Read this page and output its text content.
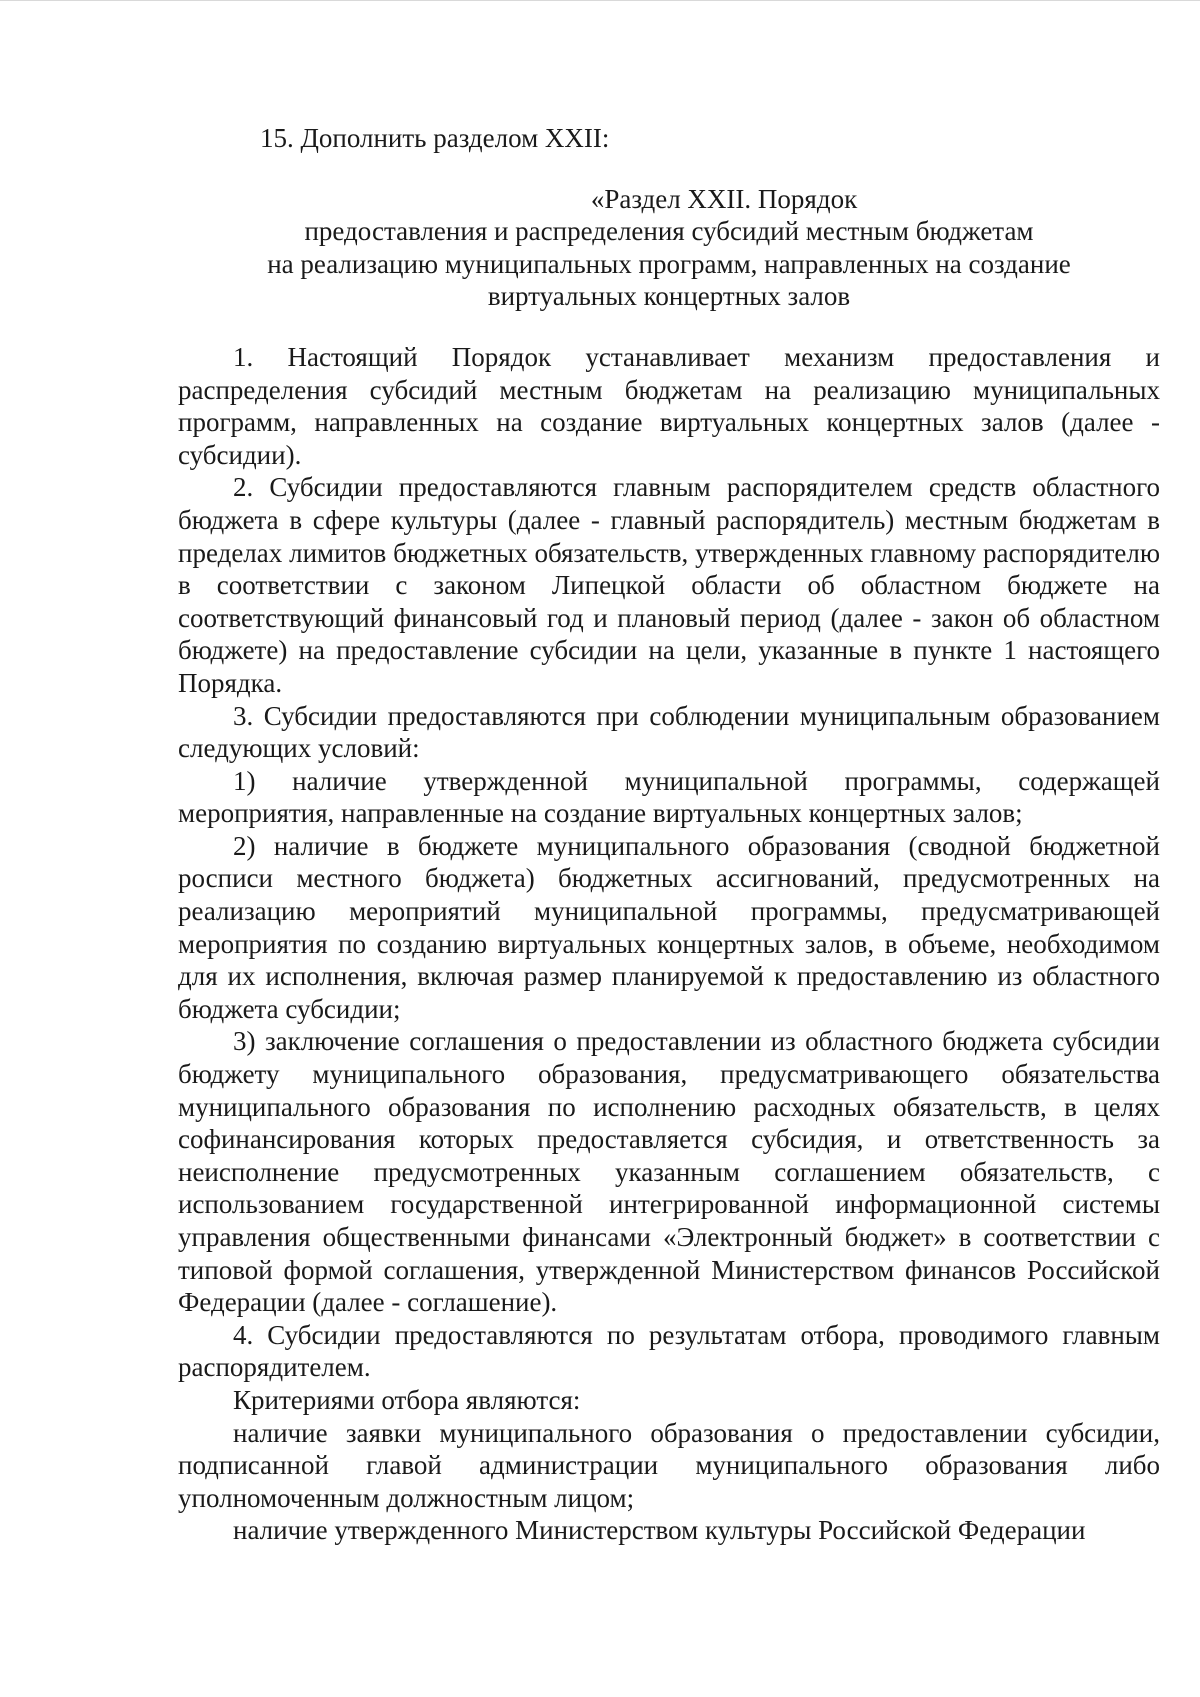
15. Дополнить разделом XXII:

«Раздел XXII. Порядок
предоставления и распределения субсидий местным бюджетам
на реализацию муниципальных программ, направленных на создание
виртуальных концертных залов

1. Настоящий Порядок устанавливает механизм предоставления и распределения субсидий местным бюджетам на реализацию муниципальных программ, направленных на создание виртуальных концертных залов (далее - субсидии).

2. Субсидии предоставляются главным распорядителем средств областного бюджета в сфере культуры (далее - главный распорядитель) местным бюджетам в пределах лимитов бюджетных обязательств, утвержденных главному распорядителю в соответствии с законом Липецкой области об областном бюджете на соответствующий финансовый год и плановый период (далее - закон об областном бюджете) на предоставление субсидии на цели, указанные в пункте 1 настоящего Порядка.

3. Субсидии предоставляются при соблюдении муниципальным образованием следующих условий:

1) наличие утвержденной муниципальной программы, содержащей мероприятия, направленные на создание виртуальных концертных залов;

2) наличие в бюджете муниципального образования (сводной бюджетной росписи местного бюджета) бюджетных ассигнований, предусмотренных на реализацию мероприятий муниципальной программы, предусматривающей мероприятия по созданию виртуальных концертных залов, в объеме, необходимом для их исполнения, включая размер планируемой к предоставлению из областного бюджета субсидии;

3) заключение соглашения о предоставлении из областного бюджета субсидии бюджету муниципального образования, предусматривающего обязательства муниципального образования по исполнению расходных обязательств, в целях софинансирования которых предоставляется субсидия, и ответственность за неисполнение предусмотренных указанным соглашением обязательств, с использованием государственной интегрированной информационной системы управления общественными финансами «Электронный бюджет» в соответствии с типовой формой соглашения, утвержденной Министерством финансов Российской Федерации (далее - соглашение).

4. Субсидии предоставляются по результатам отбора, проводимого главным распорядителем.

Критериями отбора являются:

наличие заявки муниципального образования о предоставлении субсидии, подписанной главой администрации муниципального образования либо уполномоченным должностным лицом;

наличие утвержденного Министерством культуры Российской Федерации
